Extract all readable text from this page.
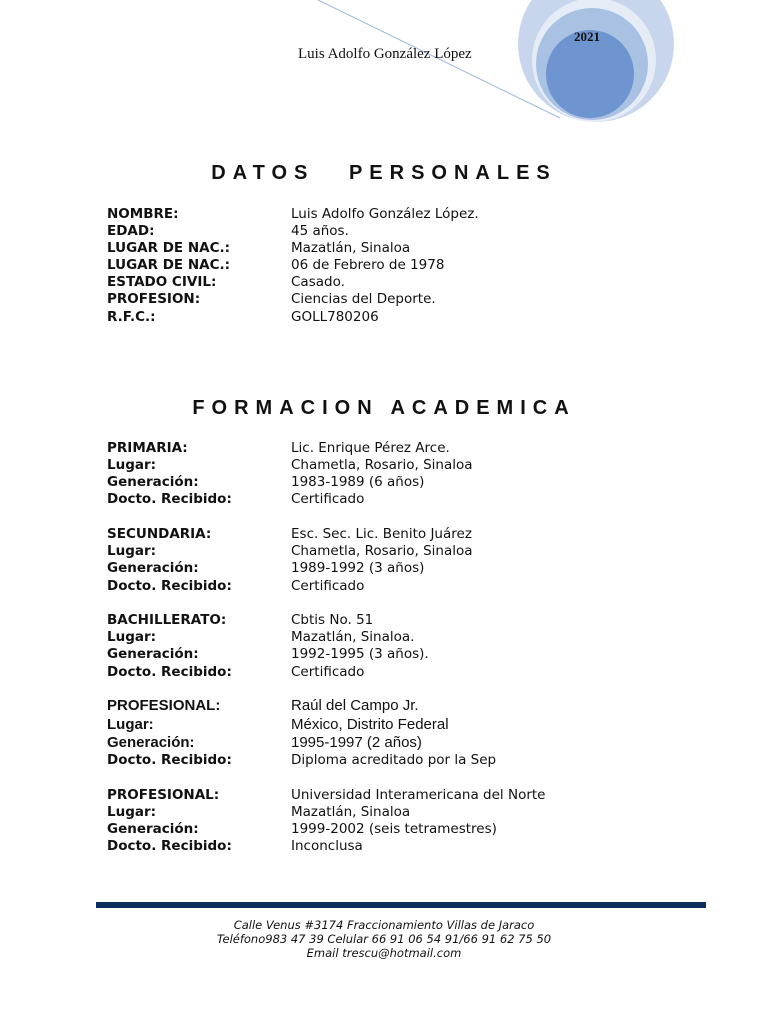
Luis Adolfo González López
2021
DATOS PERSONALES
NOMBRE:	Luis Adolfo González López.
EDAD:	45 años.
LUGAR DE NAC.:	Mazatlán, Sinaloa
LUGAR DE NAC.:	06 de Febrero de 1978
ESTADO CIVIL:	Casado.
PROFESION:	Ciencias del Deporte.
R.F.C.:	GOLL780206
FORMACION ACADEMICA
PRIMARIA:	Lic. Enrique Pérez Arce.
Lugar:	Chametla, Rosario, Sinaloa
Generación:	1983-1989 (6 años)
Docto. Recibido:	Certificado
SECUNDARIA:	Esc. Sec. Lic. Benito Juárez
Lugar:	Chametla, Rosario, Sinaloa
Generación:	1989-1992 (3 años)
Docto. Recibido:	Certificado
BACHILLERATO:	Cbtis No. 51
Lugar:	Mazatlán, Sinaloa.
Generación:	1992-1995 (3 años).
Docto. Recibido:	Certificado
PROFESIONAL:	Raúl del Campo Jr.
Lugar:	México, Distrito Federal
Generación:	1995-1997 (2 años)
Docto. Recibido:	Diploma acreditado por la Sep
PROFESIONAL:	Universidad Interamericana del Norte
Lugar:	Mazatlán, Sinaloa
Generación:	1999-2002 (seis tetramestres)
Docto. Recibido:	Inconclusa
Calle Venus #3174 Fraccionamiento Villas de Jaraco
Teléfono983 47 39 Celular 66 91 06 54 91/66 91 62 75 50
Email trescu@hotmail.com
